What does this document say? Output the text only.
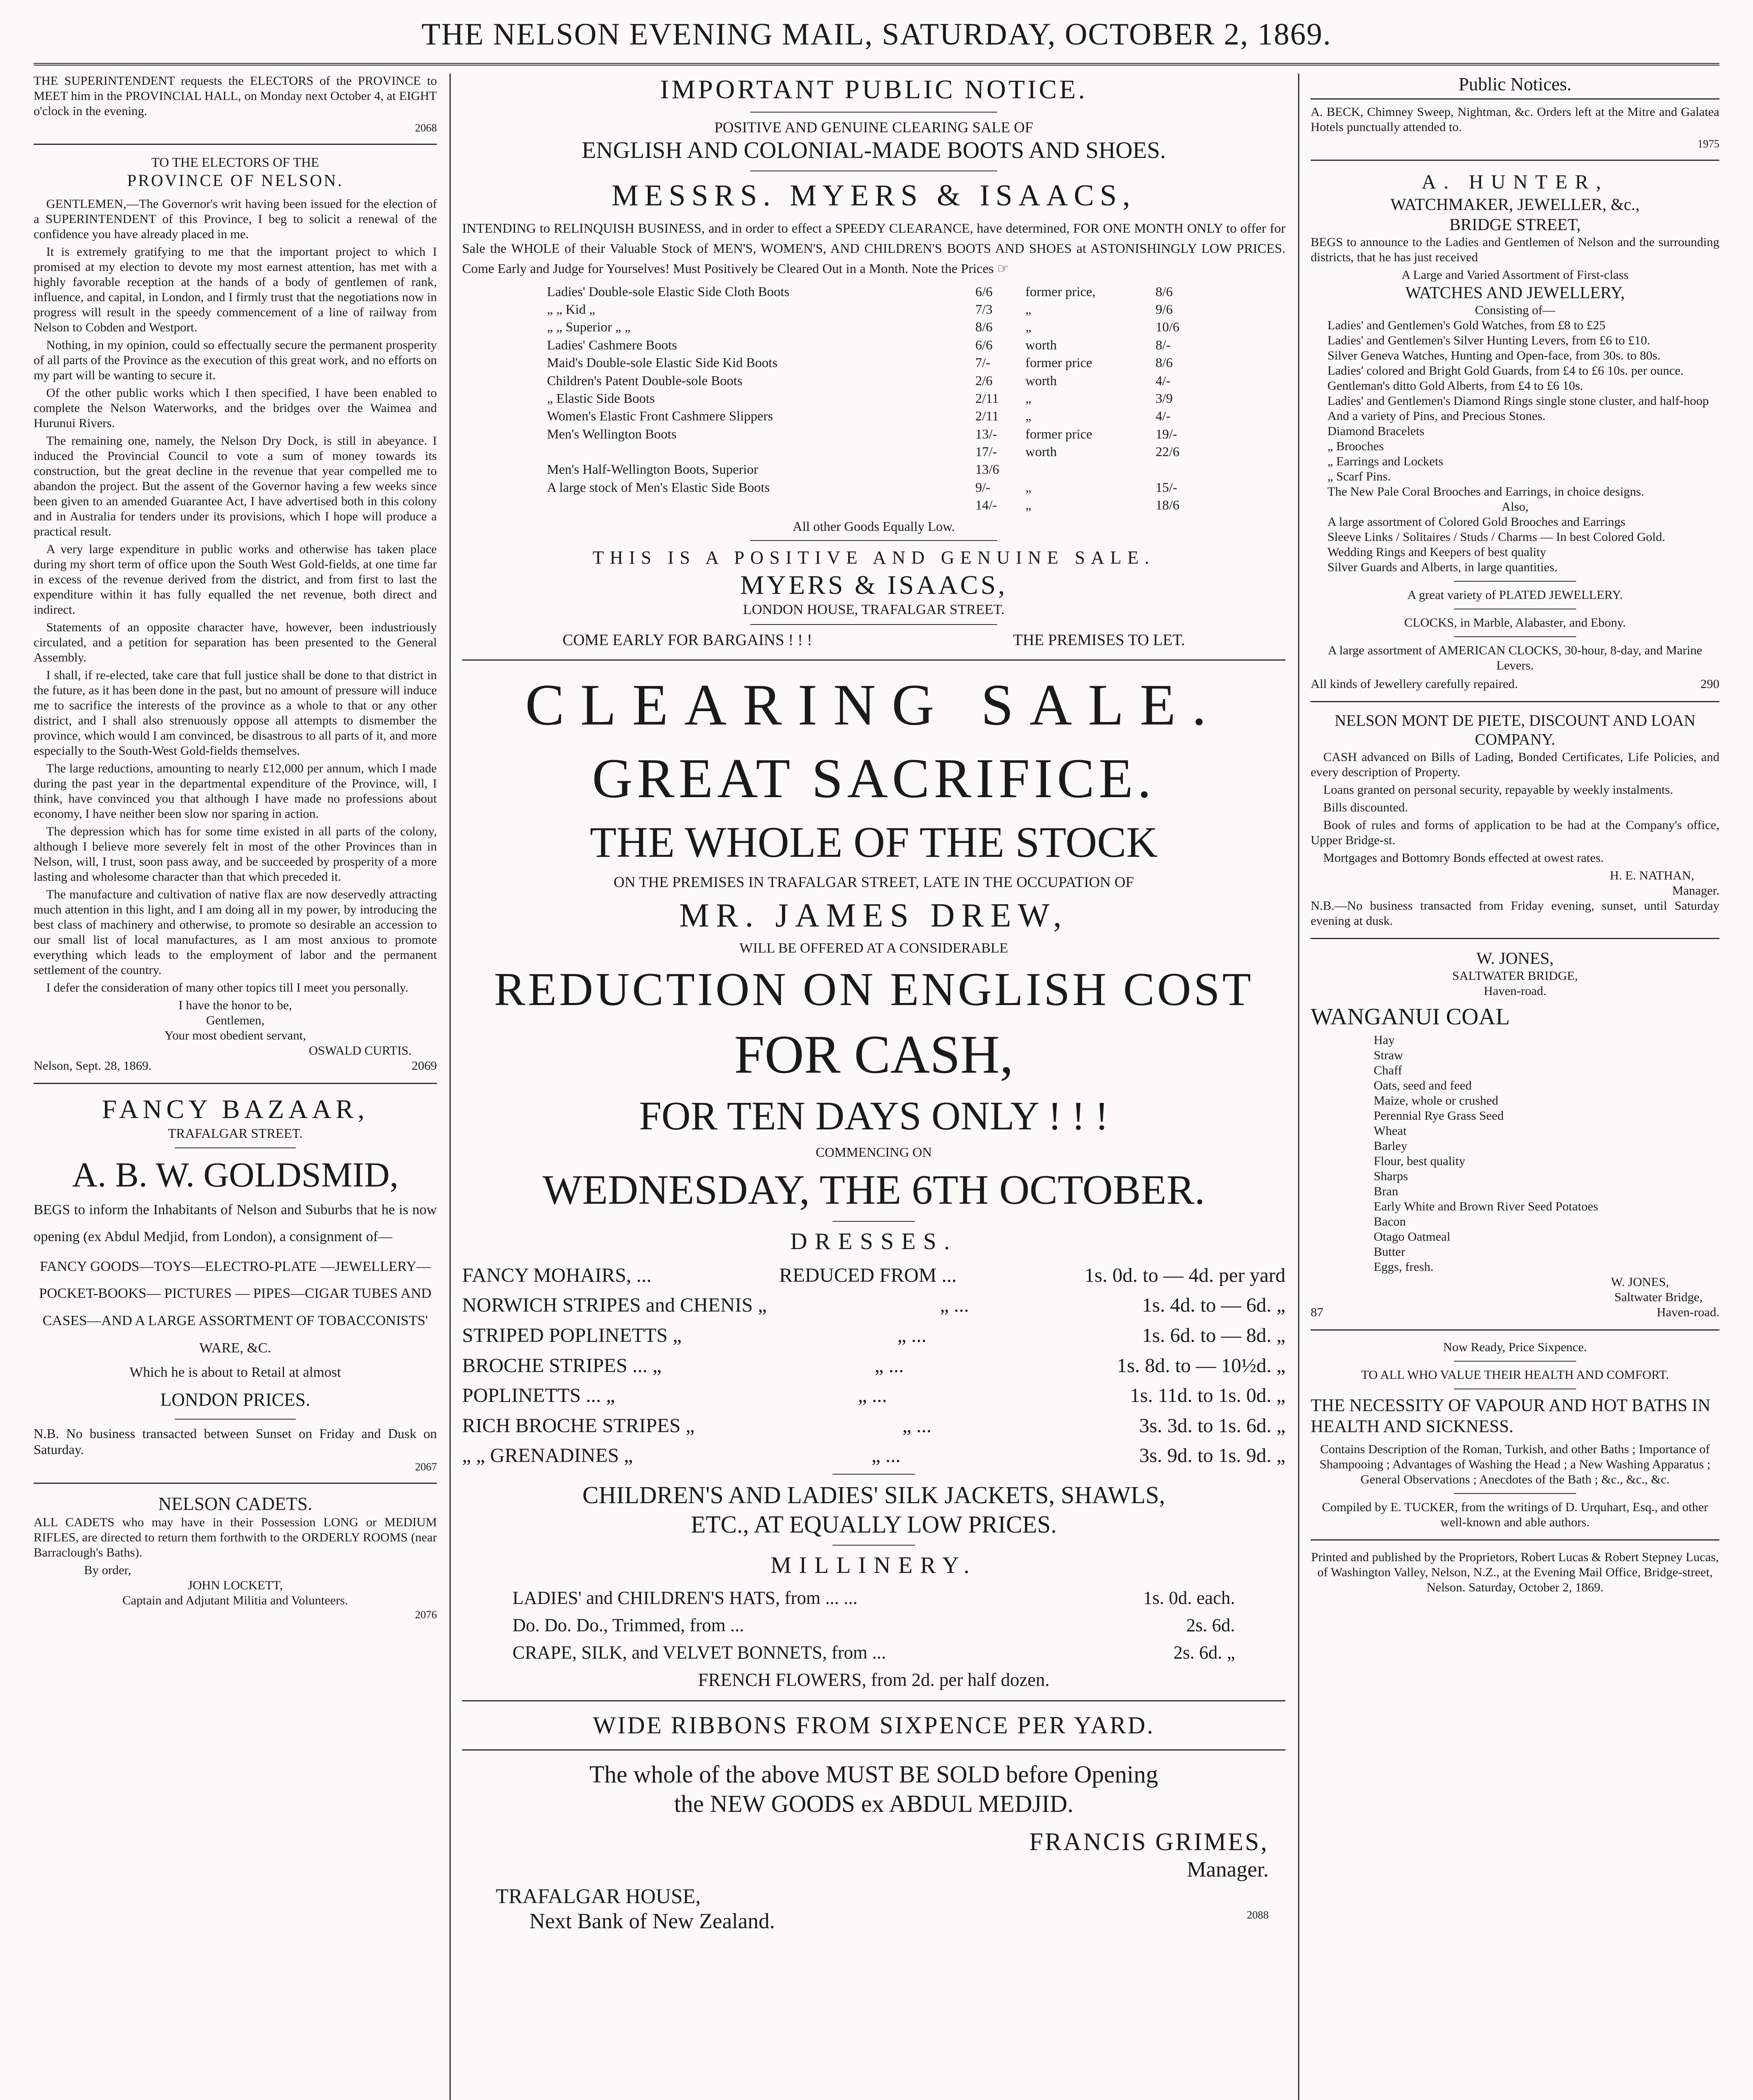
THE NELSON EVENING MAIL, SATURDAY, OCTOBER 2, 1869.

THE SUPERINTENDENT requests the ELECTORS of the PROVINCE to MEET him in the PROVINCIAL HALL, on Monday next October 4, at EIGHT o'clock in the evening.

2068
TO THE ELECTORS OF THE
PROVINCE OF NELSON.

GENTLEMEN,—The Governor's writ having been issued for the election of a SUPERINTENDENT of this Province, I beg to solicit a renewal of the confidence you have already placed in me.

It is extremely gratifying to me that the important project to which I promised at my election to devote my most earnest attention, has met with a highly favorable reception at the hands of a body of gentlemen of rank, influence, and capital, in London, and I firmly trust that the negotiations now in progress will result in the speedy commencement of a line of railway from Nelson to Cobden and Westport.

Nothing, in my opinion, could so effectually secure the permanent prosperity of all parts of the Province as the execution of this great work, and no efforts on my part will be wanting to secure it.

Of the other public works which I then specified, I have been enabled to complete the Nelson Waterworks, and the bridges over the Waimea and Hurunui Rivers.

The remaining one, namely, the Nelson Dry Dock, is still in abeyance. I induced the Provincial Council to vote a sum of money towards its construction, but the great decline in the revenue that year compelled me to abandon the project. But the assent of the Governor having a few weeks since been given to an amended Guarantee Act, I have advertised both in this colony and in Australia for tenders under its provisions, which I hope will produce a practical result.

A very large expenditure in public works and otherwise has taken place during my short term of office upon the South West Gold-fields, at one time far in excess of the revenue derived from the district, and from first to last the expenditure within it has fully equalled the net revenue, both direct and indirect.

Statements of an opposite character have, however, been industriously circulated, and a petition for separation has been presented to the General Assembly.

I shall, if re-elected, take care that full justice shall be done to that district in the future, as it has been done in the past, but no amount of pressure will induce me to sacrifice the interests of the province as a whole to that or any other district, and I shall also strenuously oppose all attempts to dismember the province, which would I am convinced, be disastrous to all parts of it, and more especially to the South-West Gold-fields themselves.

The large reductions, amounting to nearly £12,000 per annum, which I made during the past year in the departmental expenditure of the Province, will, I think, have convinced you that although I have made no professions about economy, I have neither been slow nor sparing in action.

The depression which has for some time existed in all parts of the colony, although I believe more severely felt in most of the other Provinces than in Nelson, will, I trust, soon pass away, and be succeeded by prosperity of a more lasting and wholesome character than that which preceded it.

The manufacture and cultivation of native flax are now deservedly attracting much attention in this light, and I am doing all in my power, by introducing the best class of machinery and otherwise, to promote so desirable an accession to our small list of local manufactures, as I am most anxious to promote everything which leads to the employment of labor and the permanent settlement of the country.

I defer the consideration of many other topics till I meet you personally.

I have the honor to be,
Gentlemen,
Your most obedient servant,
OSWALD CURTIS.
Nelson, Sept. 28, 1869.	2069
FANCY BAZAAR,
TRAFALGAR STREET.
A. B. W. GOLDSMID,

BEGS to inform the Inhabitants of Nelson and Suburbs that he is now opening (ex Abdul Medjid, from London), a consignment of—

FANCY GOODS—TOYS—ELECTRO-PLATE —JEWELLERY—POCKET-BOOKS— PICTURES — PIPES—CIGAR TUBES AND CASES—AND A LARGE ASSORTMENT OF TOBACCONISTS' WARE, &C.

Which he is about to Retail at almost

LONDON PRICES.

N.B. No business transacted between Sunset on Friday and Dusk on Saturday.

2067
NELSON CADETS.

ALL CADETS who may have in their Possession LONG or MEDIUM RIFLES, are directed to return them forthwith to the ORDERLY ROOMS (near Barraclough's Baths).

By order,
JOHN LOCKETT,
Captain and Adjutant Militia and Volunteers.
2076
IMPORTANT PUBLIC NOTICE.
POSITIVE AND GENUINE CLEARING SALE OF
ENGLISH AND COLONIAL-MADE BOOTS AND SHOES.
MESSRS. MYERS & ISAACS,

INTENDING to RELINQUISH BUSINESS, and in order to effect a SPEEDY CLEARANCE, have determined, FOR ONE MONTH ONLY to offer for Sale the WHOLE of their Valuable Stock of MEN'S, WOMEN'S, AND CHILDREN'S BOOTS AND SHOES at ASTONISHINGLY LOW PRICES. Come Early and Judge for Yourselves! Must Positively be Cleared Out in a Month. Note the Prices ☞

Ladies' Double-sole Elastic Side Cloth Boots	6/6	former price,	8/6
„ „ Kid „	7/3	„	9/6
„ „ Superior „ „	8/6	„	10/6
Ladies' Cashmere Boots	6/6	worth	8/-
Maid's Double-sole Elastic Side Kid Boots	7/-	former price	8/6
Children's Patent Double-sole Boots	2/6	worth	4/-
„ Elastic Side Boots	2/11	„	3/9
Women's Elastic Front Cashmere Slippers	2/11	„	4/-
Men's Wellington Boots	13/-	former price	19/-
	17/-	worth	22/6
Men's Half-Wellington Boots, Superior	13/6		
A large stock of Men's Elastic Side Boots	9/-	„	15/-
	14/-	„	18/6
All other Goods Equally Low.
THIS IS A POSITIVE AND GENUINE SALE.
MYERS & ISAACS,
LONDON HOUSE, TRAFALGAR STREET.
COME EARLY FOR BARGAINS ! ! !	THE PREMISES TO LET.
CLEARING SALE.
GREAT SACRIFICE.
THE WHOLE OF THE STOCK
ON THE PREMISES IN TRAFALGAR STREET, LATE IN THE OCCUPATION OF
MR. JAMES DREW,
WILL BE OFFERED AT A CONSIDERABLE
REDUCTION ON ENGLISH COST
FOR CASH,
FOR TEN DAYS ONLY ! ! !
COMMENCING ON
WEDNESDAY, THE 6TH OCTOBER.
DRESSES.
FANCY MOHAIRS, ...	REDUCED FROM ...	1s. 0d. to — 4d. per yard
NORWICH STRIPES and CHENIS „	„ ...	1s. 4d. to — 6d. „
STRIPED POPLINETTS „	„ ...	1s. 6d. to — 8d. „
BROCHE STRIPES ... „	„ ...	1s. 8d. to — 10½d. „
POPLINETTS ... „	„ ...	1s. 11d. to 1s. 0d. „
RICH BROCHE STRIPES „	„ ...	3s. 3d. to 1s. 6d. „
„ „ GRENADINES „	„ ...	3s. 9d. to 1s. 9d. „
CHILDREN'S AND LADIES' SILK JACKETS, SHAWLS,
ETC., AT EQUALLY LOW PRICES.
MILLINERY.
LADIES' and CHILDREN'S HATS, from ... ...	1s. 0d. each.
Do. Do. Do., Trimmed, from ...	2s. 6d.
CRAPE, SILK, and VELVET BONNETS, from ...	2s. 6d. „
FRENCH FLOWERS, from 2d. per half dozen.
WIDE RIBBONS FROM SIXPENCE PER YARD.
The whole of the above MUST BE SOLD before Opening
the NEW GOODS ex ABDUL MEDJID.
FRANCIS GRIMES,
Manager.
TRAFALGAR HOUSE,
Next Bank of New Zealand.	2088
Public Notices.

A. BECK, Chimney Sweep, Nightman, &c. Orders left at the Mitre and Galatea Hotels punctually attended to.

1975
A. HUNTER,
WATCHMAKER, JEWELLER, &c.,
BRIDGE STREET,

BEGS to announce to the Ladies and Gentlemen of Nelson and the surrounding districts, that he has just received

A Large and Varied Assortment of First-class
WATCHES AND JEWELLERY,
Consisting of—
Ladies' and Gentlemen's Gold Watches, from £8 to £25
Ladies' and Gentlemen's Silver Hunting Levers, from £6 to £10.
Silver Geneva Watches, Hunting and Open-face, from 30s. to 80s.
Ladies' colored and Bright Gold Guards, from £4 to £6 10s. per ounce.
Gentleman's ditto Gold Alberts, from £4 to £6 10s.
Ladies' and Gentlemen's Diamond Rings single stone cluster, and half-hoop
And a variety of Pins, and Precious Stones.
Diamond Bracelets
„ Brooches
„ Earrings and Lockets
„ Scarf Pins.
The New Pale Coral Brooches and Earrings, in choice designs.
Also,
A large assortment of Colored Gold Brooches and Earrings
Sleeve Links / Solitaires / Studs / Charms — In best Colored Gold.
Wedding Rings and Keepers of best quality
Silver Guards and Alberts, in large quantities.
A great variety of PLATED JEWELLERY.
CLOCKS, in Marble, Alabaster, and Ebony.
A large assortment of AMERICAN CLOCKS, 30-hour, 8-day, and Marine Levers.
All kinds of Jewellery carefully repaired.	290
NELSON MONT DE PIETE, DISCOUNT AND LOAN COMPANY.

CASH advanced on Bills of Lading, Bonded Certificates, Life Policies, and every description of Property.

Loans granted on personal security, repayable by weekly instalments.

Bills discounted.

Book of rules and forms of application to be had at the Company's office, Upper Bridge-st.

Mortgages and Bottomry Bonds effected at owest rates.

H. E. NATHAN,
Manager.

N.B.—No business transacted from Friday evening, sunset, until Saturday evening at dusk.

W. JONES,
SALTWATER BRIDGE,
Haven-road.
WANGANUI COAL
Hay
Straw
Chaff
Oats, seed and feed
Maize, whole or crushed
Perennial Rye Grass Seed
Wheat
Barley
Flour, best quality
Sharps
Bran
Early White and Brown River Seed Potatoes
Bacon
Otago Oatmeal
Butter
Eggs, fresh.
W. JONES,
Saltwater Bridge,
87	Haven-road.
Now Ready, Price Sixpence.
TO ALL WHO VALUE THEIR HEALTH AND COMFORT.
THE NECESSITY OF VAPOUR AND HOT BATHS IN HEALTH AND SICKNESS.

Contains Description of the Roman, Turkish, and other Baths ; Importance of Shampooing ; Advantages of Washing the Head ; a New Washing Apparatus ; General Observations ; Anecdotes of the Bath ; &c., &c., &c.

Compiled by E. TUCKER, from the writings of D. Urquhart, Esq., and other well-known and able authors.

Printed and published by the Proprietors, Robert Lucas & Robert Stepney Lucas, of Washington Valley, Nelson, N.Z., at the Evening Mail Office, Bridge-street, Nelson. Saturday, October 2, 1869.
